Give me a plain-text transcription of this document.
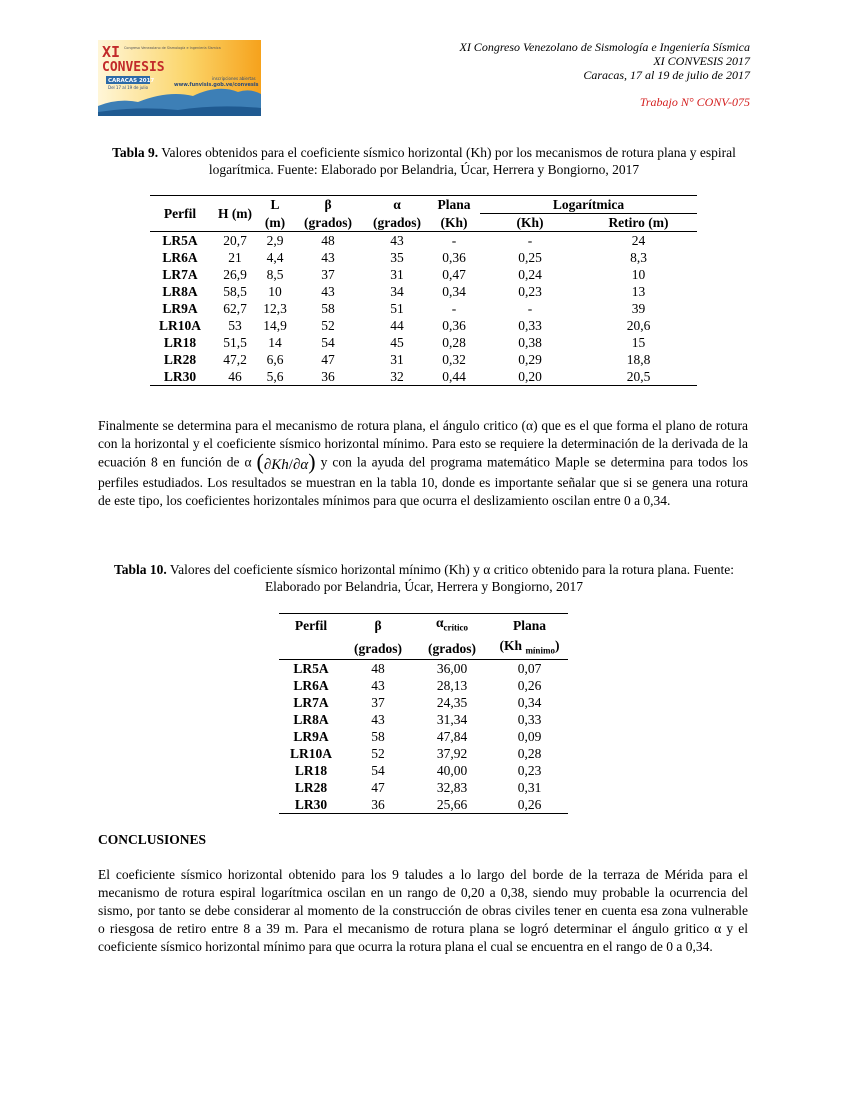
XI
CONVESIS
Congreso Venezolano de Sismología e Ingeniería Sísmica
CARACAS 2017
Del 17 al 19 de julio
inscripciones abiertas
www.funvisis.gob.ve/convesis
XI Congreso Venezolano de Sismología e Ingeniería Sísmica
XI CONVESIS 2017
Caracas, 17 al 19 de julio de 2017
Trabajo N° CONV-075
Tabla 9. Valores obtenidos para el coeficiente sísmico horizontal (Kh) por los mecanismos de rotura plana y espiral logarítmica. Fuente: Elaborado por Belandria, Úcar, Herrera y Bongiorno, 2017
Perfil	H (m)	L	β	α	Plana	Logarítmica	
		(m)	(grados)	(grados)	(Kh)	(Kh)	Retiro (m)
LR5A	20,7	2,9	48	43	-	-	24
LR6A	21	4,4	43	35	0,36	0,25	8,3
LR7A	26,9	8,5	37	31	0,47	0,24	10
LR8A	58,5	10	43	34	0,34	0,23	13
LR9A	62,7	12,3	58	51	-	-	39
LR10A	53	14,9	52	44	0,36	0,33	20,6
LR18	51,5	14	54	45	0,28	0,38	15
LR28	47,2	6,6	47	31	0,32	0,29	18,8
LR30	46	5,6	36	32	0,44	0,20	20,5

Finalmente se determina para el mecanismo de rotura plana, el ángulo critico (α) que es el que forma el plano de rotura con la horizontal y el coeficiente sísmico horizontal mínimo. Para esto se requiere la determinación de la derivada de la ecuación 8 en función de α (∂Kh/∂α) y con la ayuda del programa matemático Maple se determina para todos los perfiles estudiados. Los resultados se muestran en la tabla 10, donde es importante señalar que si se genera una rotura de este tipo, los coeficientes horizontales mínimos para que ocurra el deslizamiento oscilan entre 0 a 0,34.

Tabla 10. Valores del coeficiente sísmico horizontal mínimo (Kh) y α critico obtenido para la rotura plana. Fuente: Elaborado por Belandria, Úcar, Herrera y Bongiorno, 2017
Perfil	β	$\alpha_{crítico}$	Plana
	(grados)	(grados)	(Kh $_{mínimo}$)
LR5A	48	36,00	0,07
LR6A	43	28,13	0,26
LR7A	37	24,35	0,34
LR8A	43	31,34	0,33
LR9A	58	47,84	0,09
LR10A	52	37,92	0,28
LR18	54	40,00	0,23
LR28	47	32,83	0,31
LR30	36	25,66	0,26
CONCLUSIONES

El coeficiente sísmico horizontal obtenido para los 9 taludes a lo largo del borde de la terraza de Mérida para el mecanismo de rotura espiral logarítmica oscilan en un rango de 0,20 a 0,38, siendo muy probable la ocurrencia del sismo, por tanto se debe considerar al momento de la construcción de obras civiles tener en cuenta esa zona vulnerable o riesgosa de retiro entre 8 a 39 m. Para el mecanismo de rotura plana se logró determinar el ángulo gritico α y el coeficiente sísmico horizontal mínimo para que ocurra la rotura plana el cual se encuentra en el rango de 0 a 0,34.
